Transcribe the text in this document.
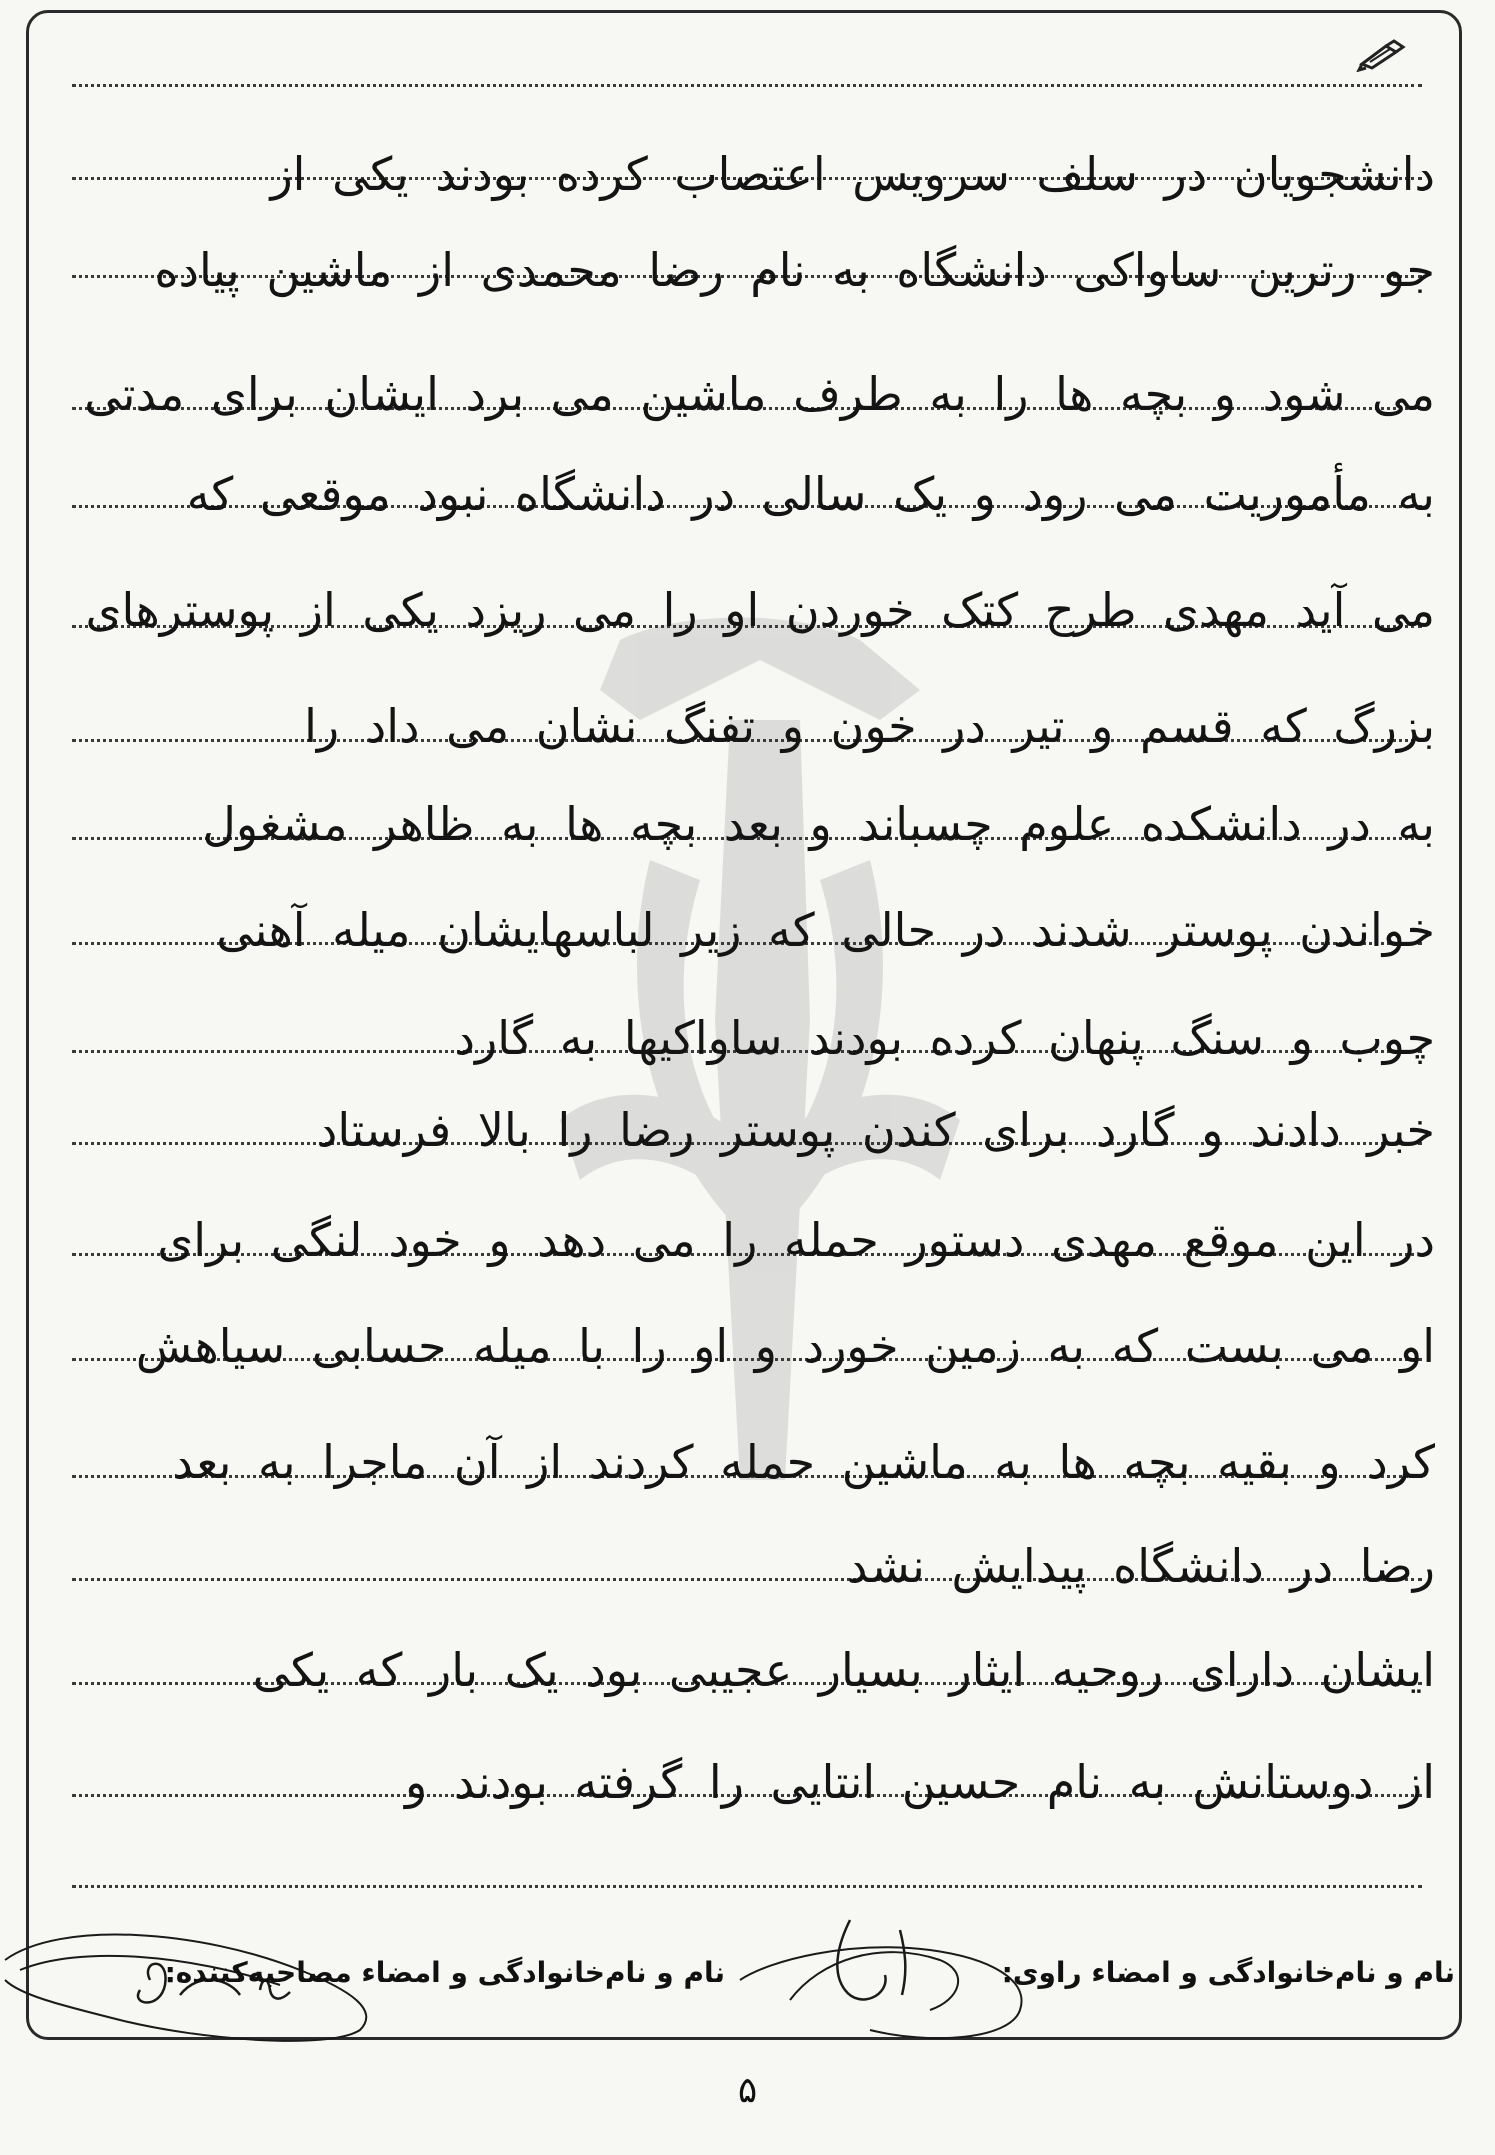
دانشجویان در سلف سرویس اعتصاب کرده بودند یکی از
جو رترین ساواکی دانشگاه به نام رضا محمدی از ماشین پیاده
می شود و بچه ها را به طرف ماشین می برد ایشان برای مدتی
به مأموریت می رود و یک سالی در دانشگاه نبود موقعی که
می آید مهدی طرح کتک خوردن او را می ریزد یکی از پوسترهای
بزرگ که قسم و تیر در خون و تفنگ نشان می داد را
به در دانشکده علوم چسباند و بعد بچه ها به ظاهر مشغول
خواندن پوستر شدند در حالی که زیر لباسهایشان میله آهنی
چوب و سنگ پنهان کرده بودند ساواکیها به گارد
خبر دادند و گارد برای کندن پوستر رضا را بالا فرستاد
در این موقع مهدی دستور حمله را می دهد و خود لنگی برای
او می بست که به زمین خورد و او را با میله حسابی سیاهش
کرد و بقیه بچه ها به ماشین حمله کردند از آن ماجرا به بعد
رضا در دانشگاه پیدایش نشد
ایشان دارای روحیه ایثار بسیار عجیبی بود یک بار که یکی
از دوستانش به نام حسین انتایی را گرفته بودند و
نام و نام‌خانوادگی و امضاء راوی:
نام و نام‌خانوادگی و امضاء مصاحبه‌کننده:
۵
